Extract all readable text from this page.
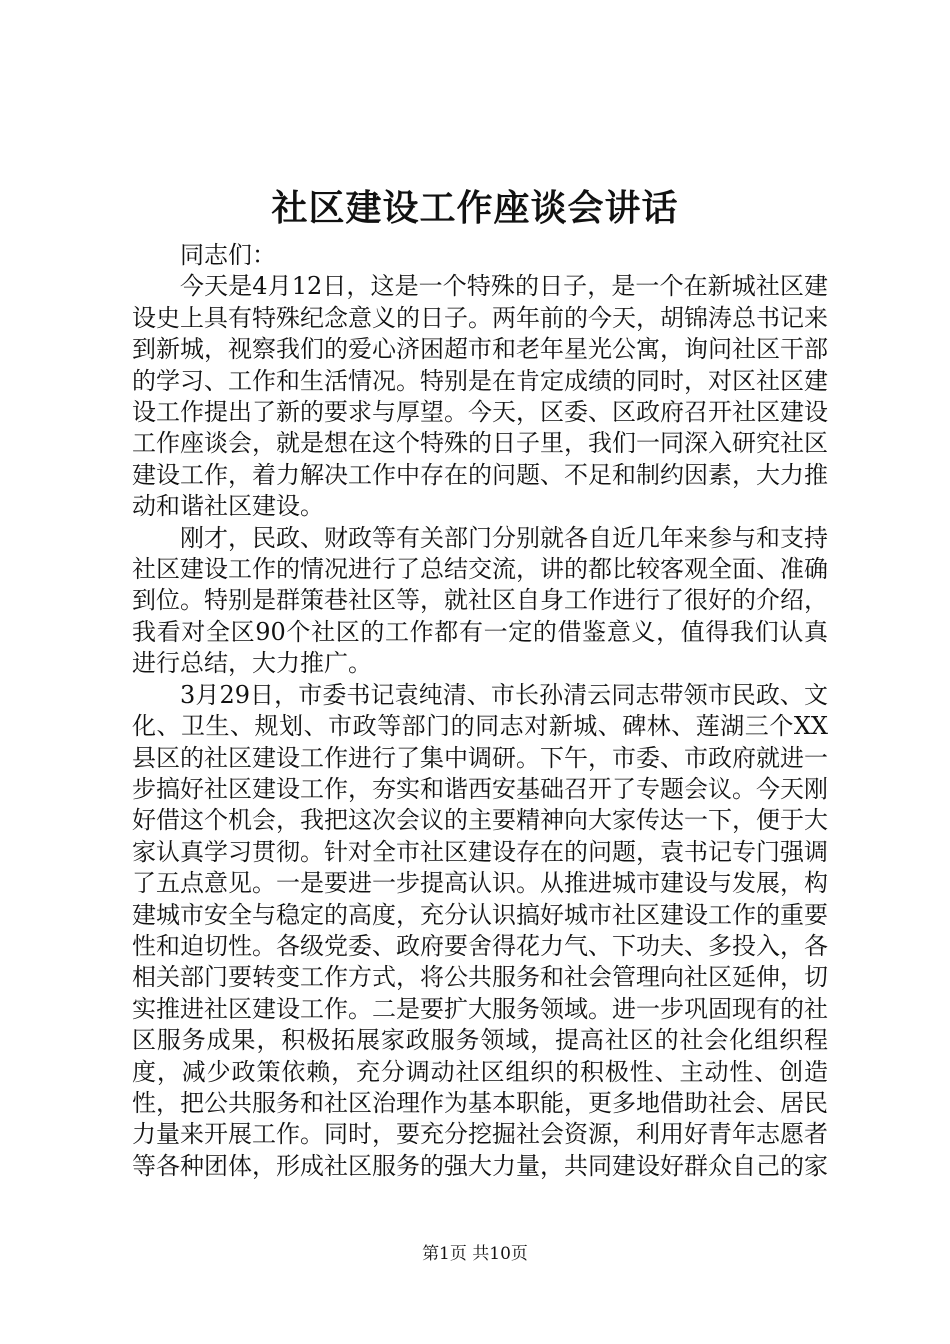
社区建设工作座谈会讲话

同志们：

今天是4月12日，这是一个特殊的日子，是一个在新城社区建设史上具有特殊纪念意义的日子。两年前的今天，胡锦涛总书记来到新城，视察我们的爱心济困超市和老年星光公寓，询问社区干部的学习、工作和生活情况。特别是在肯定成绩的同时，对区社区建设工作提出了新的要求与厚望。今天，区委、区政府召开社区建设工作座谈会，就是想在这个特殊的日子里，我们一同深入研究社区建设工作，着力解决工作中存在的问题、不足和制约因素，大力推动和谐社区建设。

刚才，民政、财政等有关部门分别就各自近几年来参与和支持社区建设工作的情况进行了总结交流，讲的都比较客观全面、准确到位。特别是群策巷社区等，就社区自身工作进行了很好的介绍，我看对全区90个社区的工作都有一定的借鉴意义，值得我们认真进行总结，大力推广。

3月29日，市委书记袁纯清、市长孙清云同志带领市民政、文化、卫生、规划、市政等部门的同志对新城、碑林、莲湖三个XX县区的社区建设工作进行了集中调研。下午，市委、市政府就进一步搞好社区建设工作，夯实和谐西安基础召开了专题会议。今天刚好借这个机会，我把这次会议的主要精神向大家传达一下，便于大家认真学习贯彻。针对全市社区建设存在的问题，袁书记专门强调了五点意见。一是要进一步提高认识。从推进城市建设与发展，构建城市安全与稳定的高度，充分认识搞好城市社区建设工作的重要性和迫切性。各级党委、政府要舍得花力气、下功夫、多投入，各相关部门要转变工作方式，将公共服务和社会管理向社区延伸，切实推进社区建设工作。二是要扩大服务领域。进一步巩固现有的社区服务成果，积极拓展家政服务领域，提高社区的社会化组织程度，减少政策依赖，充分调动社区组织的积极性、主动性、创造性，把公共服务和社区治理作为基本职能，更多地借助社会、居民力量来开展工作。同时，要充分挖掘社会资源，利用好青年志愿者等各种团体，形成社区服务的强大力量，共同建设好群众自己的家

第1页 共10页
